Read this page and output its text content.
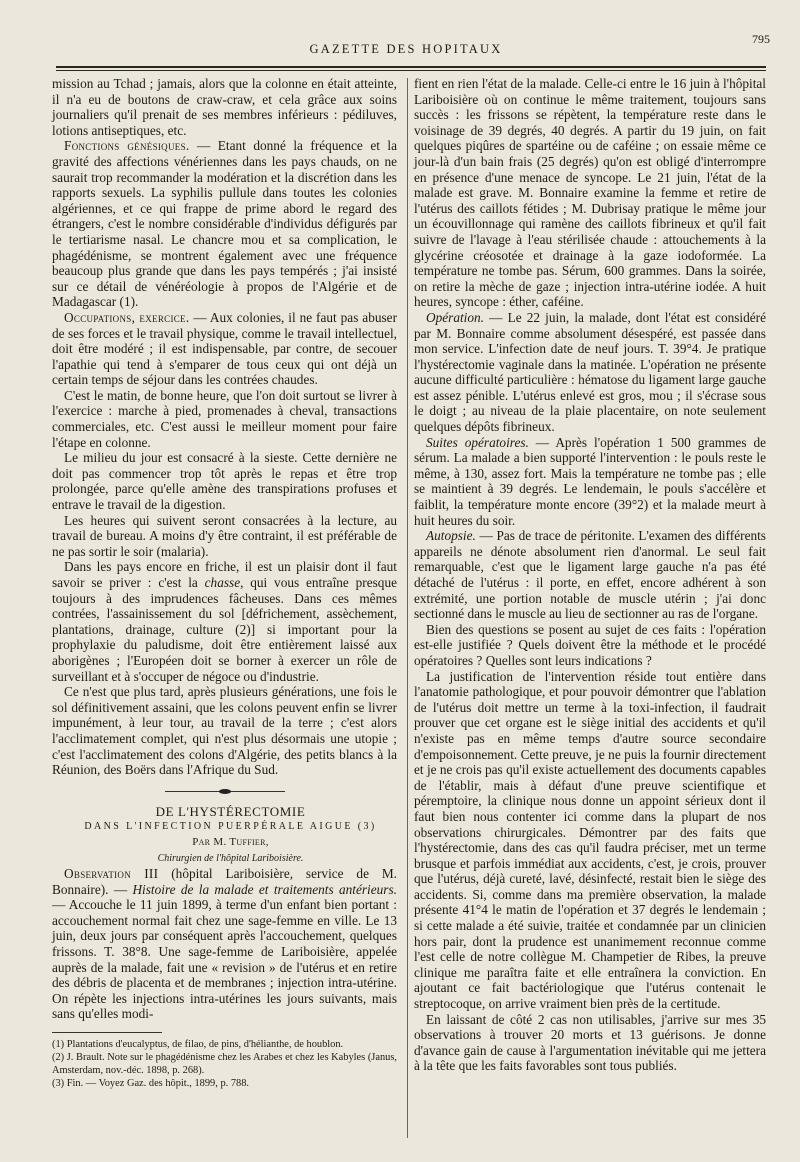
GAZETTE DES HOPITAUX
795

mission au Tchad ; jamais, alors que la colonne en était atteinte, il n'a eu de boutons de craw-craw, et cela grâce aux soins journaliers qu'il prenait de ses membres inférieurs : pédiluves, lotions antiseptiques, etc.

Fonctions génésiques. — Etant donné la fréquence et la gravité des affections vénériennes dans les pays chauds, on ne saurait trop recommander la modération et la discrétion dans les rapports sexuels. La syphilis pullule dans toutes les colonies algériennes, et ce qui frappe de prime abord le regard des étrangers, c'est le nombre considérable d'individus défigurés par le tertiarisme nasal. Le chancre mou et sa complication, le phagédénisme, se montrent également avec une fréquence beaucoup plus grande que dans les pays tempérés ; j'ai insisté sur ce détail de vénéréologie à propos de l'Algérie et de Madagascar (1).

Occupations, exercice. — Aux colonies, il ne faut pas abuser de ses forces et le travail physique, comme le travail intellectuel, doit être modéré ; il est indispensable, par contre, de secouer l'apathie qui tend à s'emparer de tous ceux qui ont déjà un certain temps de séjour dans les contrées chaudes.

C'est le matin, de bonne heure, que l'on doit surtout se livrer à l'exercice : marche à pied, promenades à cheval, transactions commerciales, etc. C'est aussi le meilleur moment pour faire l'étape en colonne.

Le milieu du jour est consacré à la sieste. Cette dernière ne doit pas commencer trop tôt après le repas et être trop prolongée, parce qu'elle amène des transpirations profuses et entrave le travail de la digestion.

Les heures qui suivent seront consacrées à la lecture, au travail de bureau. A moins d'y être contraint, il est préférable de ne pas sortir le soir (malaria).

Dans les pays encore en friche, il est un plaisir dont il faut savoir se priver : c'est la chasse, qui vous entraîne presque toujours à des imprudences fâcheuses. Dans ces mêmes contrées, l'assainissement du sol [défrichement, assèchement, plantations, drainage, culture (2)] si important pour la prophylaxie du paludisme, doit être entièrement laissé aux aborigènes ; l'Européen doit se borner à exercer un rôle de surveillant et à s'occuper de négoce ou d'industrie.

Ce n'est que plus tard, après plusieurs générations, une fois le sol définitivement assaini, que les colons peuvent enfin se livrer impunément, à leur tour, au travail de la terre ; c'est alors l'acclimatement complet, qui n'est plus désormais une utopie ; c'est l'acclimatement des colons d'Algérie, des petits blancs à la Réunion, des Boërs dans l'Afrique du Sud.

DE L'HYSTÉRECTOMIE

DANS L'INFECTION PUERPÉRALE AIGUE (3)

Par M. Tuffier,

Chirurgien de l'hôpital Lariboisière.

Observation III (hôpital Lariboisière, service de M. Bonnaire). — Histoire de la malade et traitements antérieurs. — Accouche le 11 juin 1899, à terme d'un enfant bien portant : accouchement normal fait chez une sage-femme en ville. Le 13 juin, deux jours par conséquent après l'accouchement, quelques frissons. T. 38°8. Une sage-femme de Lariboisière, appelée auprès de la malade, fait une « revision » de l'utérus et en retire des débris de placenta et de membranes ; injection intra-utérine. On répète les injections intra-utérines les jours suivants, mais sans qu'elles modi-

(1) Plantations d'eucalyptus, de filao, de pins, d'hélianthe, de houblon.
(2) J. Brault. Note sur le phagédénisme chez les Arabes et chez les Kabyles (Janus, Amsterdam, nov.-déc. 1898, p. 268).
(3) Fin. — Voyez Gaz. des hôpit., 1899, p. 788.

fient en rien l'état de la malade. Celle-ci entre le 16 juin à l'hôpital Lariboisière où on continue le même traitement, toujours sans succès : les frissons se répètent, la température reste dans le voisinage de 39 degrés, 40 degrés. A partir du 19 juin, on fait quelques piqûres de spartéine ou de caféine ; on essaie même ce jour-là d'un bain frais (25 degrés) qu'on est obligé d'interrompre en présence d'une menace de syncope. Le 21 juin, l'état de la malade est grave. M. Bonnaire examine la femme et retire de l'utérus des caillots fétides ; M. Dubrisay pratique le même jour un écouvillonnage qui ramène des caillots fibrineux et qu'il fait suivre de l'lavage à l'eau stérilisée chaude : attouchements à la glycérine créosotée et drainage à la gaze iodoformée. La température ne tombe pas. Sérum, 600 grammes. Dans la soirée, on retire la mèche de gaze ; injection intra-utérine iodée. A huit heures, syncope : éther, caféine.

Opération. — Le 22 juin, la malade, dont l'état est considéré par M. Bonnaire comme absolument désespéré, est passée dans mon service. L'infection date de neuf jours. T. 39°4. Je pratique l'hystérectomie vaginale dans la matinée. L'opération ne présente aucune difficulté particulière : hématose du ligament large gauche est assez pénible. L'utérus enlevé est gros, mou ; il s'écrase sous le doigt ; au niveau de la plaie placentaire, on note seulement quelques dépôts fibrineux.

Suites opératoires. — Après l'opération 1 500 grammes de sérum. La malade a bien supporté l'intervention : le pouls reste le même, à 130, assez fort. Mais la température ne tombe pas ; elle se maintient à 39 degrés. Le lendemain, le pouls s'accélère et faiblit, la température monte encore (39°2) et la malade meurt à huit heures du soir.

Autopsie. — Pas de trace de péritonite. L'examen des différents appareils ne dénote absolument rien d'anormal. Le seul fait remarquable, c'est que le ligament large gauche n'a pas été détaché de l'utérus : il porte, en effet, encore adhérent à son extrémité, une portion notable de muscle utérin ; j'ai donc sectionné dans le muscle au lieu de sectionner au ras de l'organe.

Bien des questions se posent au sujet de ces faits : l'opération est-elle justifiée ? Quels doivent être la méthode et le procédé opératoires ? Quelles sont leurs indications ?

La justification de l'intervention réside tout entière dans l'anatomie pathologique, et pour pouvoir démontrer que l'ablation de l'utérus doit mettre un terme à la toxi-infection, il faudrait prouver que cet organe est le siège initial des accidents et qu'il n'existe pas en même temps d'autre source secondaire d'empoisonnement. Cette preuve, je ne puis la fournir directement et je ne crois pas qu'il existe actuellement des documents capables de l'établir, mais à défaut d'une preuve scientifique et péremptoire, la clinique nous donne un appoint sérieux dont il faut bien nous contenter ici comme dans la plupart de nos observations chirurgicales. Démontrer par des faits que l'hystérectomie, dans des cas qu'il faudra préciser, met un terme brusque et parfois immédiat aux accidents, c'est, je crois, prouver que l'utérus, déjà cureté, lavé, désinfecté, restait bien le siège des accidents. Si, comme dans ma première observation, la malade présente 41°4 le matin de l'opération et 37 degrés le lendemain ; si cette malade a été suivie, traitée et condamnée par un clinicien hors pair, dont la prudence est unanimement reconnue comme l'est celle de notre collègue M. Champetier de Ribes, la preuve clinique me paraîtra faite et elle entraînera la conviction. En ajoutant ce fait bactériologique que l'utérus contenait le streptocoque, on arrive vraiment bien près de la certitude.

En laissant de côté 2 cas non utilisables, j'arrive sur mes 35 observations à trouver 20 morts et 13 guérisons. Je donne d'avance gain de cause à l'argumentation inévitable qui me jettera à la tête que les faits favorables sont tous publiés.
